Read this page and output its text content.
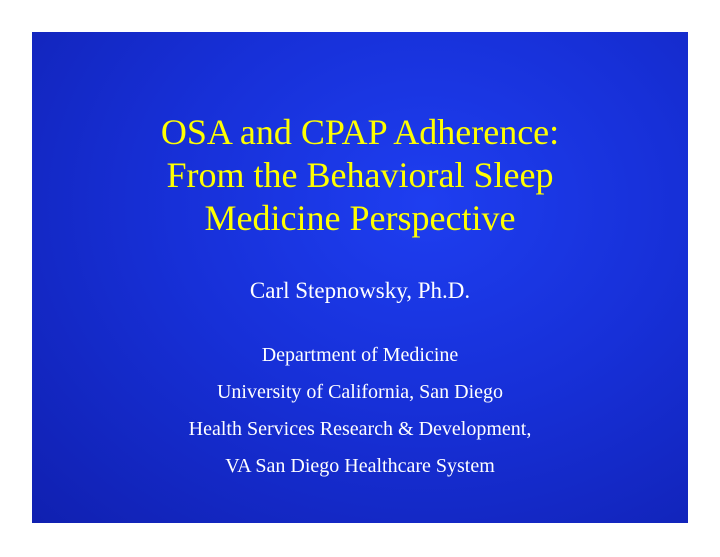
OSA and CPAP Adherence:
From the Behavioral Sleep
Medicine Perspective
Carl Stepnowsky, Ph.D.
Department of Medicine
University of California, San Diego
Health Services Research & Development,
VA San Diego Healthcare System
